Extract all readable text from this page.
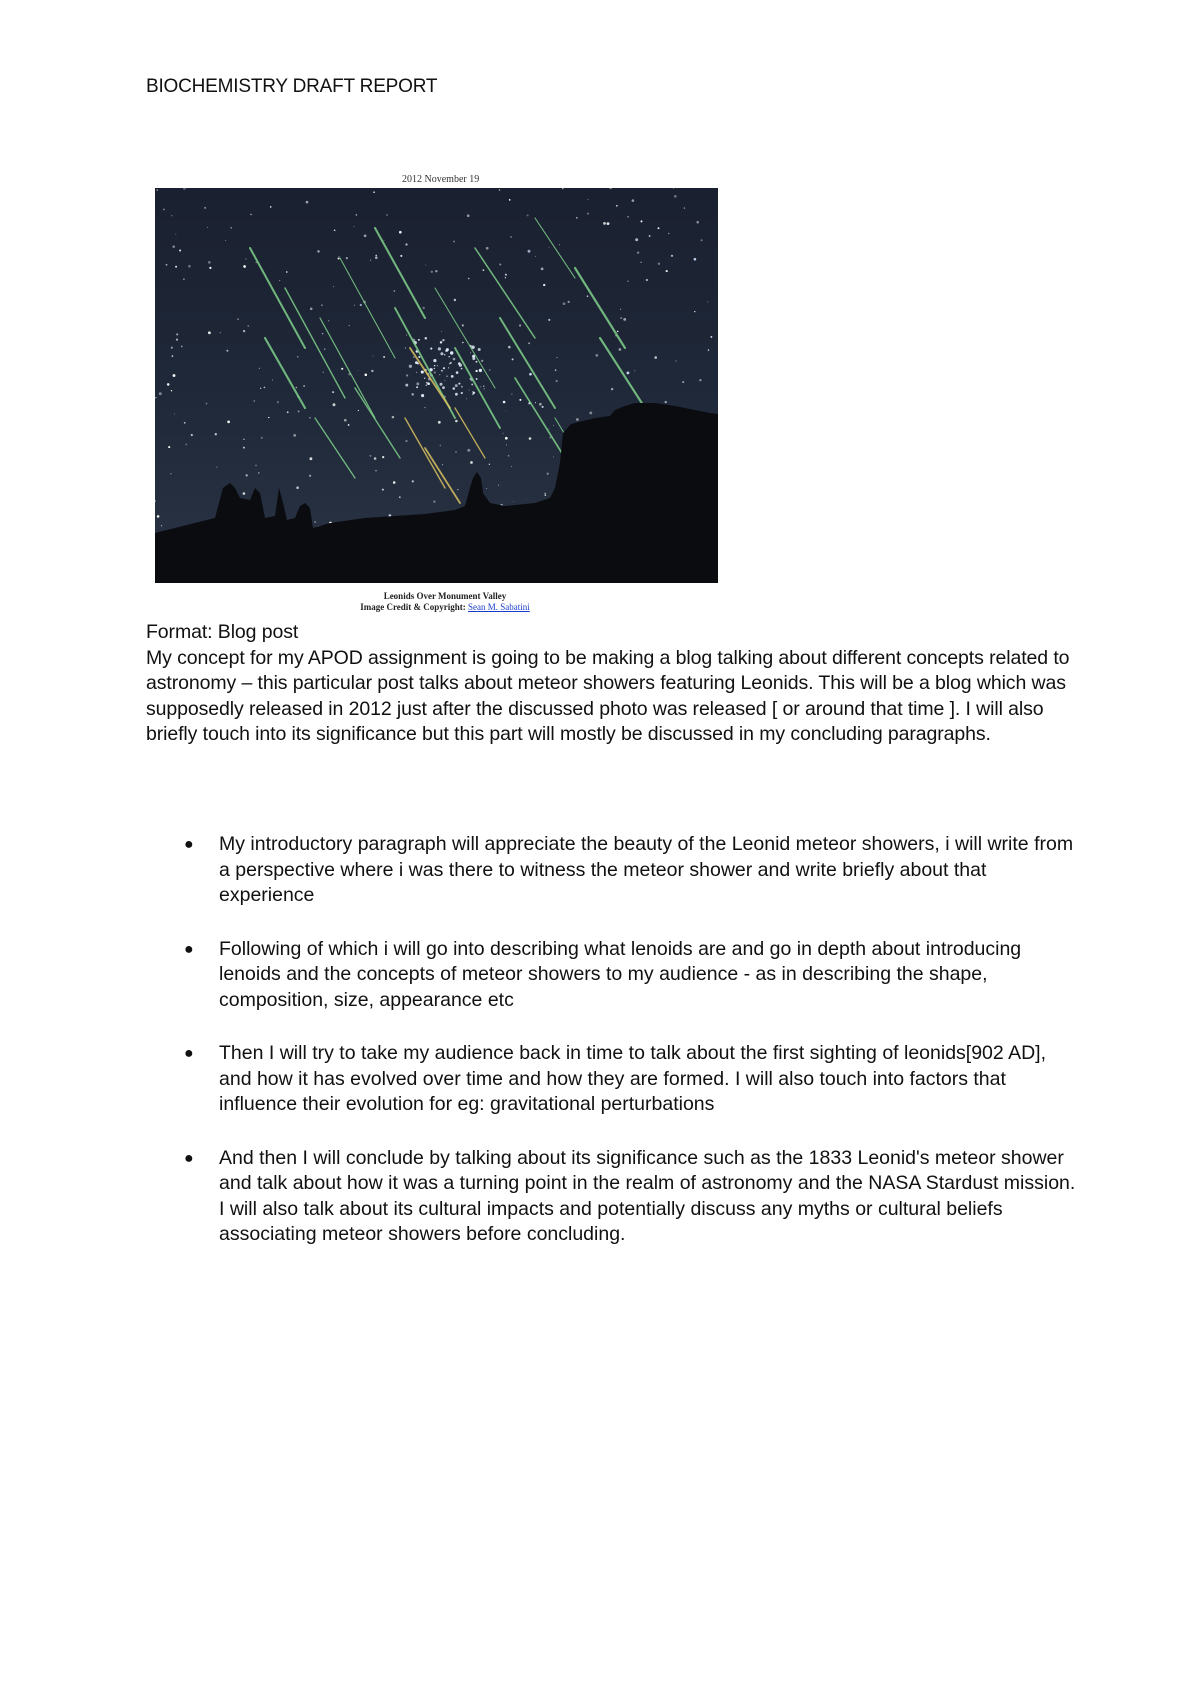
BIOCHEMISTRY DRAFT REPORT
2012 November 19
Leonids Over Monument Valley
Image Credit & Copyright: Sean M. Sabatini

Format: Blog post

My concept for my APOD assignment is going to be making a blog talking about different concepts related to astronomy – this particular post talks about meteor showers featuring Leonids. This will be a blog which was supposedly released in 2012 just after the discussed photo was released [ or around that time ]. I will also briefly touch into its significance but this part will mostly be discussed in my concluding paragraphs.

● My introductory paragraph will appreciate the beauty of the Leonid meteor showers, i will write from a perspective where i was there to witness the meteor shower and write briefly about that experience
● Following of which i will go into describing what lenoids are and go in depth about introducing lenoids and the concepts of meteor showers to my audience - as in describing the shape, composition, size, appearance etc
● Then I will try to take my audience back in time to talk about the first sighting of leonids[902 AD], and how it has evolved over time and how they are formed. I will also touch into factors that influence their evolution for eg: gravitational perturbations
● And then I will conclude by talking about its significance such as the 1833 Leonid's meteor shower and talk about how it was a turning point in the realm of astronomy and the NASA Stardust mission. I will also talk about its cultural impacts and potentially discuss any myths or cultural beliefs associating meteor showers before concluding.
